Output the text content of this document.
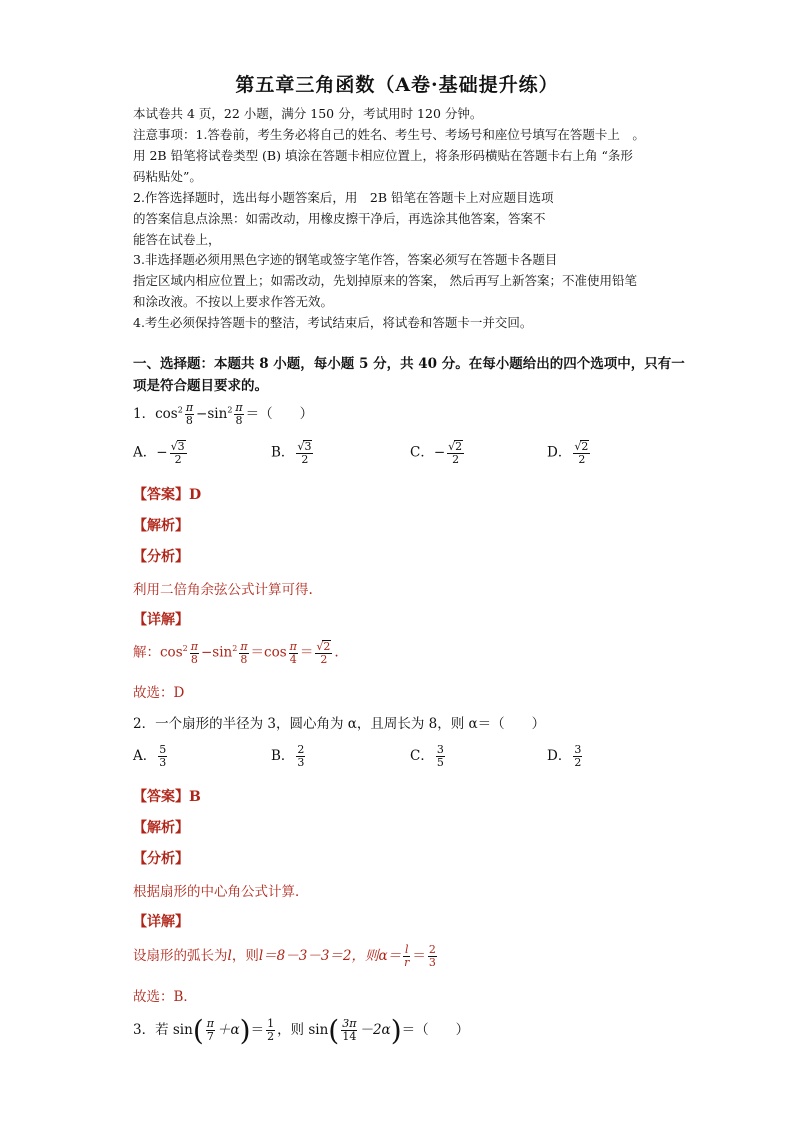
第五章三角函数（A卷·基础提升练）
本试卷共 4 页，22 小题，满分 150 分，考试用时 120 分钟。
注意事项：1.答卷前，考生务必将自己的姓名、考生号、考场号和座位号填写在答题卡上　。
用 2B 铅笔将试卷类型 (B) 填涂在答题卡相应位置上，将条形码横贴在答题卡右上角 “条形
码粘贴处”。
2.作答选择题时，选出每小题答案后，用　2B 铅笔在答题卡上对应题目选项
的答案信息点涂黑：如需改动，用橡皮擦干净后，再选涂其他答案，答案不
能答在试卷上，
3.非选择题必须用黑色字迹的钢笔或签字笔作答，答案必须写在答题卡各题目
指定区域内相应位置上；如需改动，先划掉原来的答案， 然后再写上新答案；不准使用铅笔
和涂改液。不按以上要求作答无效。
4.考生必须保持答题卡的整洁，考试结束后，将试卷和答题卡一并交回。
一、选择题：本题共 8 小题，每小题 5 分，共 40 分。在每小题给出的四个选项中，只有一
项是符合题目要求的。
1．$\cos^2 \frac{\pi}{8} -\sin^2 \frac{\pi}{8}$ ＝（　　）
A．− $\frac{√3}{2}$	B． $\frac{√3}{2}$	C．− $\frac{√2}{2}$	D． $\frac{√2}{2}$
【答案】D
【解析】
【分析】
利用二倍角余弦公式计算可得.
【详解】
解：$\cos^2 \frac{\pi}{8} -\sin^2 \frac{\pi}{8} =\cos \frac{\pi}{4} = \frac{√2}{2}$ .
故选：D
2．一个扇形的半径为 3，圆心角为 α，且周长为 8，则 α＝（　　）
A． $\frac{5}{3}$	B． $\frac{2}{3}$	C． $\frac{3}{5}$	D． $\frac{3}{2}$
【答案】B
【解析】
【分析】
根据扇形的中心角公式计算．
【详解】
设扇形的弧长为l，则l＝8－3－3＝2，则$\alpha= \frac{l}{r} = \frac{2}{3}$
故选：B．
3．若 $\sin( \frac{\pi}{7} +\alpha)= \frac{1}{2}$ ，则 $\sin( \frac{3\pi}{14} -2\alpha)=$（　　）
